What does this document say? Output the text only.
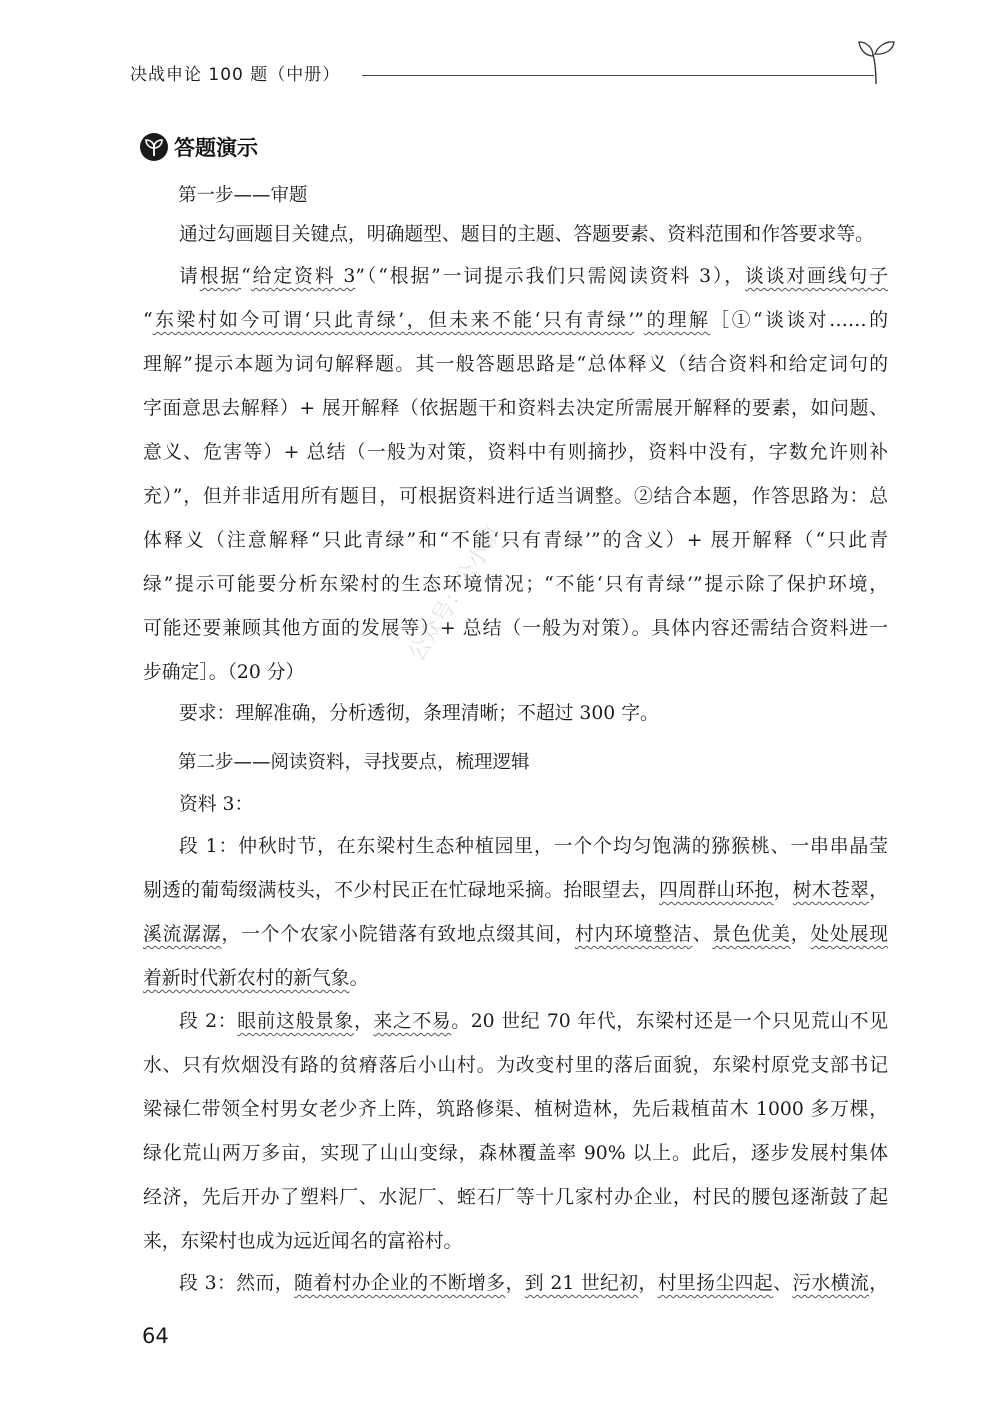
决战申论 100 题（中册）
答题演示
第一步——审题
通过勾画题目关键点，明确题型、题目的主题、答题要素、资料范围和作答要求等。
请根据“给定资料 3”（“根据”一词提示我们只需阅读资料 3），谈谈对画线句子
“东梁村如今可谓‘只此青绿’，但未来不能‘只有青绿’”的理解［①“谈谈对……的
理解”提示本题为词句解释题。其一般答题思路是“总体释义（结合资料和给定词句的
字面意思去解释）+ 展开解释（依据题干和资料去决定所需展开解释的要素，如问题、
意义、危害等）+ 总结（一般为对策，资料中有则摘抄，资料中没有，字数允许则补
充）”，但并非适用所有题目，可根据资料进行适当调整。②结合本题，作答思路为：总
体释义（注意解释“只此青绿”和“不能‘只有青绿’”的含义）+ 展开解释（“只此青
绿”提示可能要分析东梁村的生态环境情况；“不能‘只有青绿’”提示除了保护环境，
可能还要兼顾其他方面的发展等）+ 总结（一般为对策）。具体内容还需结合资料进一
步确定］。（20 分）
要求：理解准确，分析透彻，条理清晰；不超过 300 字。
第二步——阅读资料，寻找要点，梳理逻辑
资料 3：
段 1：仲秋时节，在东梁村生态种植园里，一个个均匀饱满的猕猴桃、一串串晶莹
剔透的葡萄缀满枝头，不少村民正在忙碌地采摘。抬眼望去，四周群山环抱，树木苍翠，
溪流潺潺，一个个农家小院错落有致地点缀其间，村内环境整洁、景色优美，处处展现
着新时代新农村的新气象。
段 2：眼前这般景象，来之不易。20 世纪 70 年代，东梁村还是一个只见荒山不见
水、只有炊烟没有路的贫瘠落后小山村。为改变村里的落后面貌，东梁村原党支部书记
梁禄仁带领全村男女老少齐上阵，筑路修渠、植树造林，先后栽植苗木 1000 多万棵，
绿化荒山两万多亩，实现了山山变绿，森林覆盖率 90% 以上。此后，逐步发展村集体
经济，先后开办了塑料厂、水泥厂、蛭石厂等十几家村办企业，村民的腰包逐渐鼓了起
来，东梁村也成为远近闻名的富裕村。
段 3：然而，随着村办企业的不断增多，到 21 世纪初，村里扬尘四起、污水横流，
公众号：公小镇
64
